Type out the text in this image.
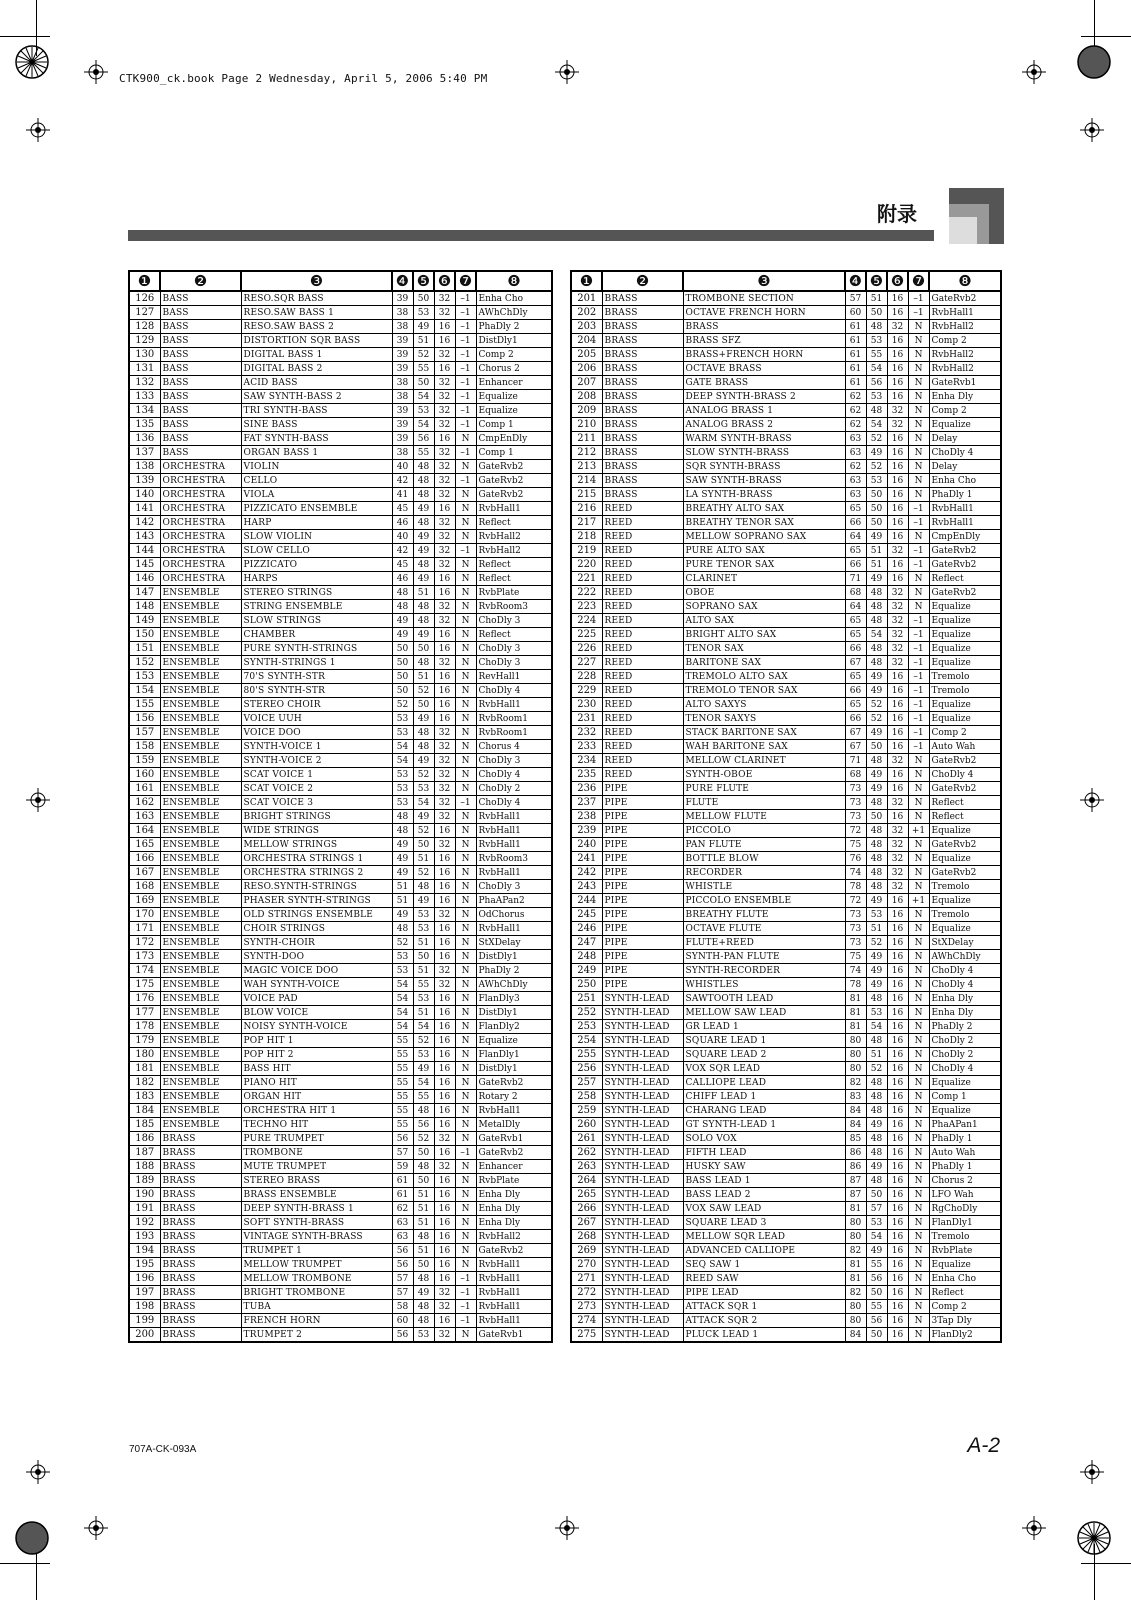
CTK900_ck.book Page 2 Wednesday, April 5, 2006 5:40 PM
附录
❶	❷	❸	❹	❺	❻	❼	❽
126	BASS	RESO.SQR BASS	39	50	32	–1	Enha Cho
127	BASS	RESO.SAW BASS 1	38	53	32	–1	AWhChDly
128	BASS	RESO.SAW BASS 2	38	49	16	–1	PhaDly 2
129	BASS	DISTORTION SQR BASS	39	51	16	–1	DistDly1
130	BASS	DIGITAL BASS 1	39	52	32	–1	Comp 2
131	BASS	DIGITAL BASS 2	39	55	16	–1	Chorus 2
132	BASS	ACID BASS	38	50	32	–1	Enhancer
133	BASS	SAW SYNTH-BASS 2	38	54	32	–1	Equalize
134	BASS	TRI SYNTH-BASS	39	53	32	–1	Equalize
135	BASS	SINE BASS	39	54	32	–1	Comp 1
136	BASS	FAT SYNTH-BASS	39	56	16	N	CmpEnDly
137	BASS	ORGAN BASS 1	38	55	32	–1	Comp 1
138	ORCHESTRA	VIOLIN	40	48	32	N	GateRvb2
139	ORCHESTRA	CELLO	42	48	32	–1	GateRvb2
140	ORCHESTRA	VIOLA	41	48	32	N	GateRvb2
141	ORCHESTRA	PIZZICATO ENSEMBLE	45	49	16	N	RvbHall1
142	ORCHESTRA	HARP	46	48	32	N	Reflect
143	ORCHESTRA	SLOW VIOLIN	40	49	32	N	RvbHall2
144	ORCHESTRA	SLOW CELLO	42	49	32	–1	RvbHall2
145	ORCHESTRA	PIZZICATO	45	48	32	N	Reflect
146	ORCHESTRA	HARPS	46	49	16	N	Reflect
147	ENSEMBLE	STEREO STRINGS	48	51	16	N	RvbPlate
148	ENSEMBLE	STRING ENSEMBLE	48	48	32	N	RvbRoom3
149	ENSEMBLE	SLOW STRINGS	49	48	32	N	ChoDly 3
150	ENSEMBLE	CHAMBER	49	49	16	N	Reflect
151	ENSEMBLE	PURE SYNTH-STRINGS	50	50	16	N	ChoDly 3
152	ENSEMBLE	SYNTH-STRINGS 1	50	48	32	N	ChoDly 3
153	ENSEMBLE	70'S SYNTH-STR	50	51	16	N	RevHall1
154	ENSEMBLE	80'S SYNTH-STR	50	52	16	N	ChoDly 4
155	ENSEMBLE	STEREO CHOIR	52	50	16	N	RvbHall1
156	ENSEMBLE	VOICE UUH	53	49	16	N	RvbRoom1
157	ENSEMBLE	VOICE DOO	53	48	32	N	RvbRoom1
158	ENSEMBLE	SYNTH-VOICE 1	54	48	32	N	Chorus 4
159	ENSEMBLE	SYNTH-VOICE 2	54	49	32	N	ChoDly 3
160	ENSEMBLE	SCAT VOICE 1	53	52	32	N	ChoDly 4
161	ENSEMBLE	SCAT VOICE 2	53	53	32	N	ChoDly 2
162	ENSEMBLE	SCAT VOICE 3	53	54	32	–1	ChoDly 4
163	ENSEMBLE	BRIGHT STRINGS	48	49	32	N	RvbHall1
164	ENSEMBLE	WIDE STRINGS	48	52	16	N	RvbHall1
165	ENSEMBLE	MELLOW STRINGS	49	50	32	N	RvbHall1
166	ENSEMBLE	ORCHESTRA STRINGS 1	49	51	16	N	RvbRoom3
167	ENSEMBLE	ORCHESTRA STRINGS 2	49	52	16	N	RvbHall1
168	ENSEMBLE	RESO.SYNTH-STRINGS	51	48	16	N	ChoDly 3
169	ENSEMBLE	PHASER SYNTH-STRINGS	51	49	16	N	PhaAPan2
170	ENSEMBLE	OLD STRINGS ENSEMBLE	49	53	32	N	OdChorus
171	ENSEMBLE	CHOIR STRINGS	48	53	16	N	RvbHall1
172	ENSEMBLE	SYNTH-CHOIR	52	51	16	N	StXDelay
173	ENSEMBLE	SYNTH-DOO	53	50	16	N	DistDly1
174	ENSEMBLE	MAGIC VOICE DOO	53	51	32	N	PhaDly 2
175	ENSEMBLE	WAH SYNTH-VOICE	54	55	32	N	AWhChDly
176	ENSEMBLE	VOICE PAD	54	53	16	N	FlanDly3
177	ENSEMBLE	BLOW VOICE	54	51	16	N	DistDly1
178	ENSEMBLE	NOISY SYNTH-VOICE	54	54	16	N	FlanDly2
179	ENSEMBLE	POP HIT 1	55	52	16	N	Equalize
180	ENSEMBLE	POP HIT 2	55	53	16	N	FlanDly1
181	ENSEMBLE	BASS HIT	55	49	16	N	DistDly1
182	ENSEMBLE	PIANO HIT	55	54	16	N	GateRvb2
183	ENSEMBLE	ORGAN HIT	55	55	16	N	Rotary 2
184	ENSEMBLE	ORCHESTRA HIT 1	55	48	16	N	RvbHall1
185	ENSEMBLE	TECHNO HIT	55	56	16	N	MetalDly
186	BRASS	PURE TRUMPET	56	52	32	N	GateRvb1
187	BRASS	TROMBONE	57	50	16	–1	GateRvb2
188	BRASS	MUTE TRUMPET	59	48	32	N	Enhancer
189	BRASS	STEREO BRASS	61	50	16	N	RvbPlate
190	BRASS	BRASS ENSEMBLE	61	51	16	N	Enha Dly
191	BRASS	DEEP SYNTH-BRASS 1	62	51	16	N	Enha Dly
192	BRASS	SOFT SYNTH-BRASS	63	51	16	N	Enha Dly
193	BRASS	VINTAGE SYNTH-BRASS	63	48	16	N	RvbHall2
194	BRASS	TRUMPET 1	56	51	16	N	GateRvb2
195	BRASS	MELLOW TRUMPET	56	50	16	N	RvbHall1
196	BRASS	MELLOW TROMBONE	57	48	16	–1	RvbHall1
197	BRASS	BRIGHT TROMBONE	57	49	32	–1	RvbHall1
198	BRASS	TUBA	58	48	32	–1	RvbHall1
199	BRASS	FRENCH HORN	60	48	16	–1	RvbHall1
200	BRASS	TRUMPET 2	56	53	32	N	GateRvb1
❶	❷	❸	❹	❺	❻	❼	❽
201	BRASS	TROMBONE SECTION	57	51	16	–1	GateRvb2
202	BRASS	OCTAVE FRENCH HORN	60	50	16	–1	RvbHall1
203	BRASS	BRASS	61	48	32	N	RvbHall2
204	BRASS	BRASS SFZ	61	53	16	N	Comp 2
205	BRASS	BRASS+FRENCH HORN	61	55	16	N	RvbHall2
206	BRASS	OCTAVE BRASS	61	54	16	N	RvbHall2
207	BRASS	GATE BRASS	61	56	16	N	GateRvb1
208	BRASS	DEEP SYNTH-BRASS 2	62	53	16	N	Enha Dly
209	BRASS	ANALOG BRASS 1	62	48	32	N	Comp 2
210	BRASS	ANALOG BRASS 2	62	54	32	N	Equalize
211	BRASS	WARM SYNTH-BRASS	63	52	16	N	Delay
212	BRASS	SLOW SYNTH-BRASS	63	49	16	N	ChoDly 4
213	BRASS	SQR SYNTH-BRASS	62	52	16	N	Delay
214	BRASS	SAW SYNTH-BRASS	63	53	16	N	Enha Cho
215	BRASS	LA SYNTH-BRASS	63	50	16	N	PhaDly 1
216	REED	BREATHY ALTO SAX	65	50	16	–1	RvbHall1
217	REED	BREATHY TENOR SAX	66	50	16	–1	RvbHall1
218	REED	MELLOW SOPRANO SAX	64	49	16	N	CmpEnDly
219	REED	PURE ALTO SAX	65	51	32	–1	GateRvb2
220	REED	PURE TENOR SAX	66	51	16	–1	GateRvb2
221	REED	CLARINET	71	49	16	N	Reflect
222	REED	OBOE	68	48	32	N	GateRvb2
223	REED	SOPRANO SAX	64	48	32	N	Equalize
224	REED	ALTO SAX	65	48	32	–1	Equalize
225	REED	BRIGHT ALTO SAX	65	54	32	–1	Equalize
226	REED	TENOR SAX	66	48	32	–1	Equalize
227	REED	BARITONE SAX	67	48	32	–1	Equalize
228	REED	TREMOLO ALTO SAX	65	49	16	–1	Tremolo
229	REED	TREMOLO TENOR SAX	66	49	16	–1	Tremolo
230	REED	ALTO SAXYS	65	52	16	–1	Equalize
231	REED	TENOR SAXYS	66	52	16	–1	Equalize
232	REED	STACK BARITONE SAX	67	49	16	–1	Comp 2
233	REED	WAH BARITONE SAX	67	50	16	–1	Auto Wah
234	REED	MELLOW CLARINET	71	48	32	N	GateRvb2
235	REED	SYNTH-OBOE	68	49	16	N	ChoDly 4
236	PIPE	PURE FLUTE	73	49	16	N	GateRvb2
237	PIPE	FLUTE	73	48	32	N	Reflect
238	PIPE	MELLOW FLUTE	73	50	16	N	Reflect
239	PIPE	PICCOLO	72	48	32	+1	Equalize
240	PIPE	PAN FLUTE	75	48	32	N	GateRvb2
241	PIPE	BOTTLE BLOW	76	48	32	N	Equalize
242	PIPE	RECORDER	74	48	32	N	GateRvb2
243	PIPE	WHISTLE	78	48	32	N	Tremolo
244	PIPE	PICCOLO ENSEMBLE	72	49	16	+1	Equalize
245	PIPE	BREATHY FLUTE	73	53	16	N	Tremolo
246	PIPE	OCTAVE FLUTE	73	51	16	N	Equalize
247	PIPE	FLUTE+REED	73	52	16	N	StXDelay
248	PIPE	SYNTH-PAN FLUTE	75	49	16	N	AWhChDly
249	PIPE	SYNTH-RECORDER	74	49	16	N	ChoDly 4
250	PIPE	WHISTLES	78	49	16	N	ChoDly 4
251	SYNTH-LEAD	SAWTOOTH LEAD	81	48	16	N	Enha Dly
252	SYNTH-LEAD	MELLOW SAW LEAD	81	53	16	N	Enha Dly
253	SYNTH-LEAD	GR LEAD 1	81	54	16	N	PhaDly 2
254	SYNTH-LEAD	SQUARE LEAD 1	80	48	16	N	ChoDly 2
255	SYNTH-LEAD	SQUARE LEAD 2	80	51	16	N	ChoDly 2
256	SYNTH-LEAD	VOX SQR LEAD	80	52	16	N	ChoDly 4
257	SYNTH-LEAD	CALLIOPE LEAD	82	48	16	N	Equalize
258	SYNTH-LEAD	CHIFF LEAD 1	83	48	16	N	Comp 1
259	SYNTH-LEAD	CHARANG LEAD	84	48	16	N	Equalize
260	SYNTH-LEAD	GT SYNTH-LEAD 1	84	49	16	N	PhaAPan1
261	SYNTH-LEAD	SOLO VOX	85	48	16	N	PhaDly 1
262	SYNTH-LEAD	FIFTH LEAD	86	48	16	N	Auto Wah
263	SYNTH-LEAD	HUSKY SAW	86	49	16	N	PhaDly 1
264	SYNTH-LEAD	BASS LEAD 1	87	48	16	N	Chorus 2
265	SYNTH-LEAD	BASS LEAD 2	87	50	16	N	LFO Wah
266	SYNTH-LEAD	VOX SAW LEAD	81	57	16	N	RgChoDly
267	SYNTH-LEAD	SQUARE LEAD 3	80	53	16	N	FlanDly1
268	SYNTH-LEAD	MELLOW SQR LEAD	80	54	16	N	Tremolo
269	SYNTH-LEAD	ADVANCED CALLIOPE	82	49	16	N	RvbPlate
270	SYNTH-LEAD	SEQ SAW 1	81	55	16	N	Equalize
271	SYNTH-LEAD	REED SAW	81	56	16	N	Enha Cho
272	SYNTH-LEAD	PIPE LEAD	82	50	16	N	Reflect
273	SYNTH-LEAD	ATTACK SQR 1	80	55	16	N	Comp 2
274	SYNTH-LEAD	ATTACK SQR 2	80	56	16	N	3Tap Dly
275	SYNTH-LEAD	PLUCK LEAD 1	84	50	16	N	FlanDly2
707A-CK-093A	A-2
